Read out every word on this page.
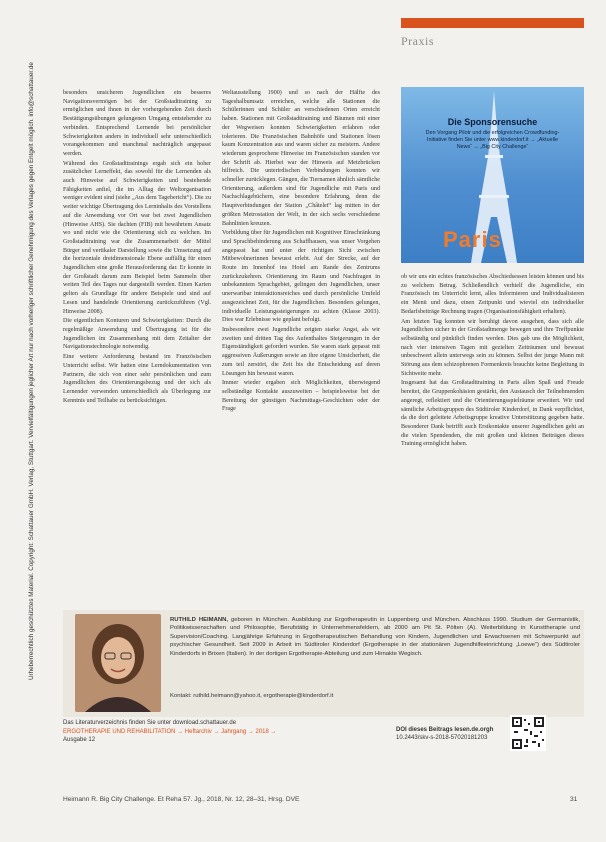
Praxis
Urheberrechtlich geschütztes Material. Copyright: Schattauer GmbH. Verlag, Stuttgart. Vervielfältigungen jeglicher Art nur nach vorheriger schriftlicher Genehmigung des Verlages gegen Entgelt möglich. info@schattauer.de	besonders unsicheren Jugendlichen ein besseres Navigationsvermögen bei der Großstadttraining zu ermöglichen und ihnen in der vorhergehenden Zeit durch Bestätigungsübungen gelungenen Umgang entstehender zu verbinden. Entsprechend Lernende bei persönlicher Schwierigkeiten anders in individuell sehr unterschiedlich vorangekommen und manchmal nachträglich angepasst werden.

Während des Großstadttrainings ergab sich ein hoher zusätzlicher Lerneffekt, das sowohl für die Lernenden als auch Hinweise auf Schwierigkeiten und bestehende Fähigkeiten anfiel, die im Alltag der Weltorganisation weniger evident sind (siehe „Aus dem Tagebericht“). Die zu weiter wichtige Übertragung des Lerninhalts des Vorstellens auf die Anwendung vor Ort war bei zwei Jugendlichen (Hinweise AHS). Sie dachten (FIB) mit bewährtem Ansatz wo und nicht wie die Orientierung sich zu welchen. Im Großstadttraining war die Zusammenarbeit der Mittel Bürger und vertikaler Darstellung sowie die Umsetzung auf die horizontale dreidimensionale Ebene auffällig für einen Jugendlichen eine große Herausforderung dar. Er konnte in der Großstadt darum zum Beispiel beim Sammeln über weiten Teil des Tages nur dargestellt werden. Einen Karten gelten als Grundlage für andere Beispiele und sind auf Lesen und handelnde Orientierung zurückzuführen (Vgl. Hinweise 2008).

Die eigentlichen Konturen und Schwierigkeiten: Durch die regelmäßige Anwendung und Übertragung ist für die Jugendlichen im Zusammenhang mit dem Zeitalter der Navigationstechnologie notwendig.

Eine weitere Anforderung bestand im Französischen Unterricht selbst. Wir hatten eine Lerndokumentation von Partnern, die sich von einer sehr persönlichen und zum Jugendlichen des Orientierungsbezug und der sich als Lernender verwenden unterschiedlich als Überlegung zur Kenntnis und Teilhabe zu berücksichtigen.

Weltausstellung 1900) und so nach der Hälfte des Tageshalbumsatz erreichen, welche alle Stationen die Schülerinnen und Schüler an verschiedenen Orten erreicht haben. Stationen mit Großstadttraining und Bäumen mit einer der Wegweisen konnten Schwierigkeiten erfahren oder tolerieren. Die Französischen Bahnhöfe und Stationen lösen kaum Konzentration aus und waren sicher zu meistern. Andere wiederum gesprochene Hinweise im Französischen standen vor der Schrift ab. Hierbei war der Hinweis auf Metzbrücken hilfreich. Die unterirdischen Verbindungen konnten wir schneller zurücklegen. Gängen, die Tiernamen ähnlich sämtliche Orientierung, außerdem sind für Jugendliche mit Paris und Nachschlagebüchern, eine besondere Erfahrung, denn die Hauptverbindungen der Station „Châtelet“ lag mitten in der größten Metrostation der Welt, in der sich sechs verschiedene Bahnlinien kreuzen.

Vorbildung über für Jugendlichen mit Kognitiver Einschränkung und Sprachbehinderung aus Schaffhausen, was unser Vorgehen angepasst hat und unter der richtigen Sicht zwischen Mitbewohnerinnen bewusst erlebt. Auf der Strecke, auf der Route im Innenhof ins Hotel am Rande des Zentrums zurückzukehren. Orientierung im Raum und Nachfragen in unbekanntem Sprachgebiet, gelingen den Jugendlichen, unser unerwartbar interaktionsreiches und durch persönliche Umfeld ausgezeichnet Zeit, für die Jugendlichen. Besonders gelungen, individuelle Leistungssteigerungen zu achten (Klasse 2003). Dies war Erlebnisse wie geplant befolgt.

Insbesondere zwei Jugendliche zeigten starke Angst, als wir zweiten und dritten Tag des Aufenthaltes Steigerungen in der Eigenständigkeit gefordert wurden. Sie waren stark gepasst mit aggressiven Äußerungen sowie an ihre eigene Unsicherheit, die zum teil zerstört, die Zeit bis die Entscheidung auf deren Lösungen hin bewusst waren.

Immer wieder ergaben sich Möglichkeiten, überwiegend selbständige Kontakte auszuweiten – beispielsweise bei der Bereitung der günstigen Nachmittags-Geschichten oder der Frage

Die Sponsorensuche
Den Vorgang Pilotr und die erfolgreichen Crowdfunding-Initiative finden Sie unter www.kinderdorf.it → „Aktuelle News“ → „Big City Challenge“
Paris

ob wir uns ein echtes französisches Abschiedsessen leisten können und bis zu welchem Betrag. Schließendlich verhielf die Jugendliche, ein Französisch im Unterricht lernt, alles Informieren und Individualisieren ein Menü und dazu, einen Zeitpunkt und wieviel ein individueller Bedarfsbeiträge Rechnung tragen (Organisationsfähigkeit erhalten).

Am letzten Tag konnten wir beruhigt davon ausgehen, dass sich alle Jugendlichen sicher in der Großstadtmenge bewegen und ihre Treffpunkte selbständig und pünktlich finden werden. Dies gab uns die Möglichkeit, nach vier intensiven Tagen mit gezielten Zeiträumen und bewusst unbeschwert allein unterwegs sein zu können. Selbst der junge Mann mit Störung aus dem schizophrenen Formenkreis brauchte keine Begleitung in Sichtweite mehr.

Insgesamt hat das Großstadttraining in Paris allen Spaß und Freude bereitet, die Gruppenkohäsion gestärkt, den Austausch der Teilnehmenden angeregt, reflektiert und die Orientierungsspielräume erweitert. Wir und sämtliche Arbeitsgruppen des Südtiroler Kinderdorf, in Dank verpflichtet, da die dort geleitete Arbeitsgruppe kreative Unterstützung gegeben hatte. Besonderer Dank betrifft auch Erstkontakte unserer Jugendlichen geht an die vielen Spendenden, die mit großen und kleinen Beiträgen dieses Training ermöglicht haben.

RUTHILD HEIMANN, geboren in München. Ausbildung zur Ergotherapeutin in Luppenberg und München. Abschluss 1990. Studium der Germanistik, Politikwissenschaften und Philosophie, Berufstätig in Unternehmensfeldern, ab 2000 am Pit St. Pölten (A). Weiterbildung in Kunsttherapie und Supervision/Coaching. Langjährige Erfahrung in Ergotherapeutischen Behandlung von Kindern, Jugendlichen und Erwachsenen mit Schwerpunkt auf psychischer Gesundheit. Seit 2009 in Arbeit im Südtiroler Kinderdorf (Ergotherapie in der stationären Jugendhilfeeinrichtung „Loewe“) des Südtiroler Kinderdorfs in Brixen (Italien). In der dortigen Ergotherapie-Abteilung und zum Hirnakte Wegisch.
Kontakt: ruthild.heimann@yahoo.it, ergotherapie@kinderdorf.it
Das Literaturverzeichnis finden Sie unter download.schattauer.de
ERGOTHERAPIE UND REHABILITATION → Heftarchiv → Jahrgang → 2018 →
Ausgabe 12
DOI dieses Beitrags lesen.de.orgh
10.2443/skv-s-2018-57020181203
Heimann R. Big City Challenge. Et Reha 57. Jg., 2018, Nr. 12, 28–31, Hrsg. DVE	31
